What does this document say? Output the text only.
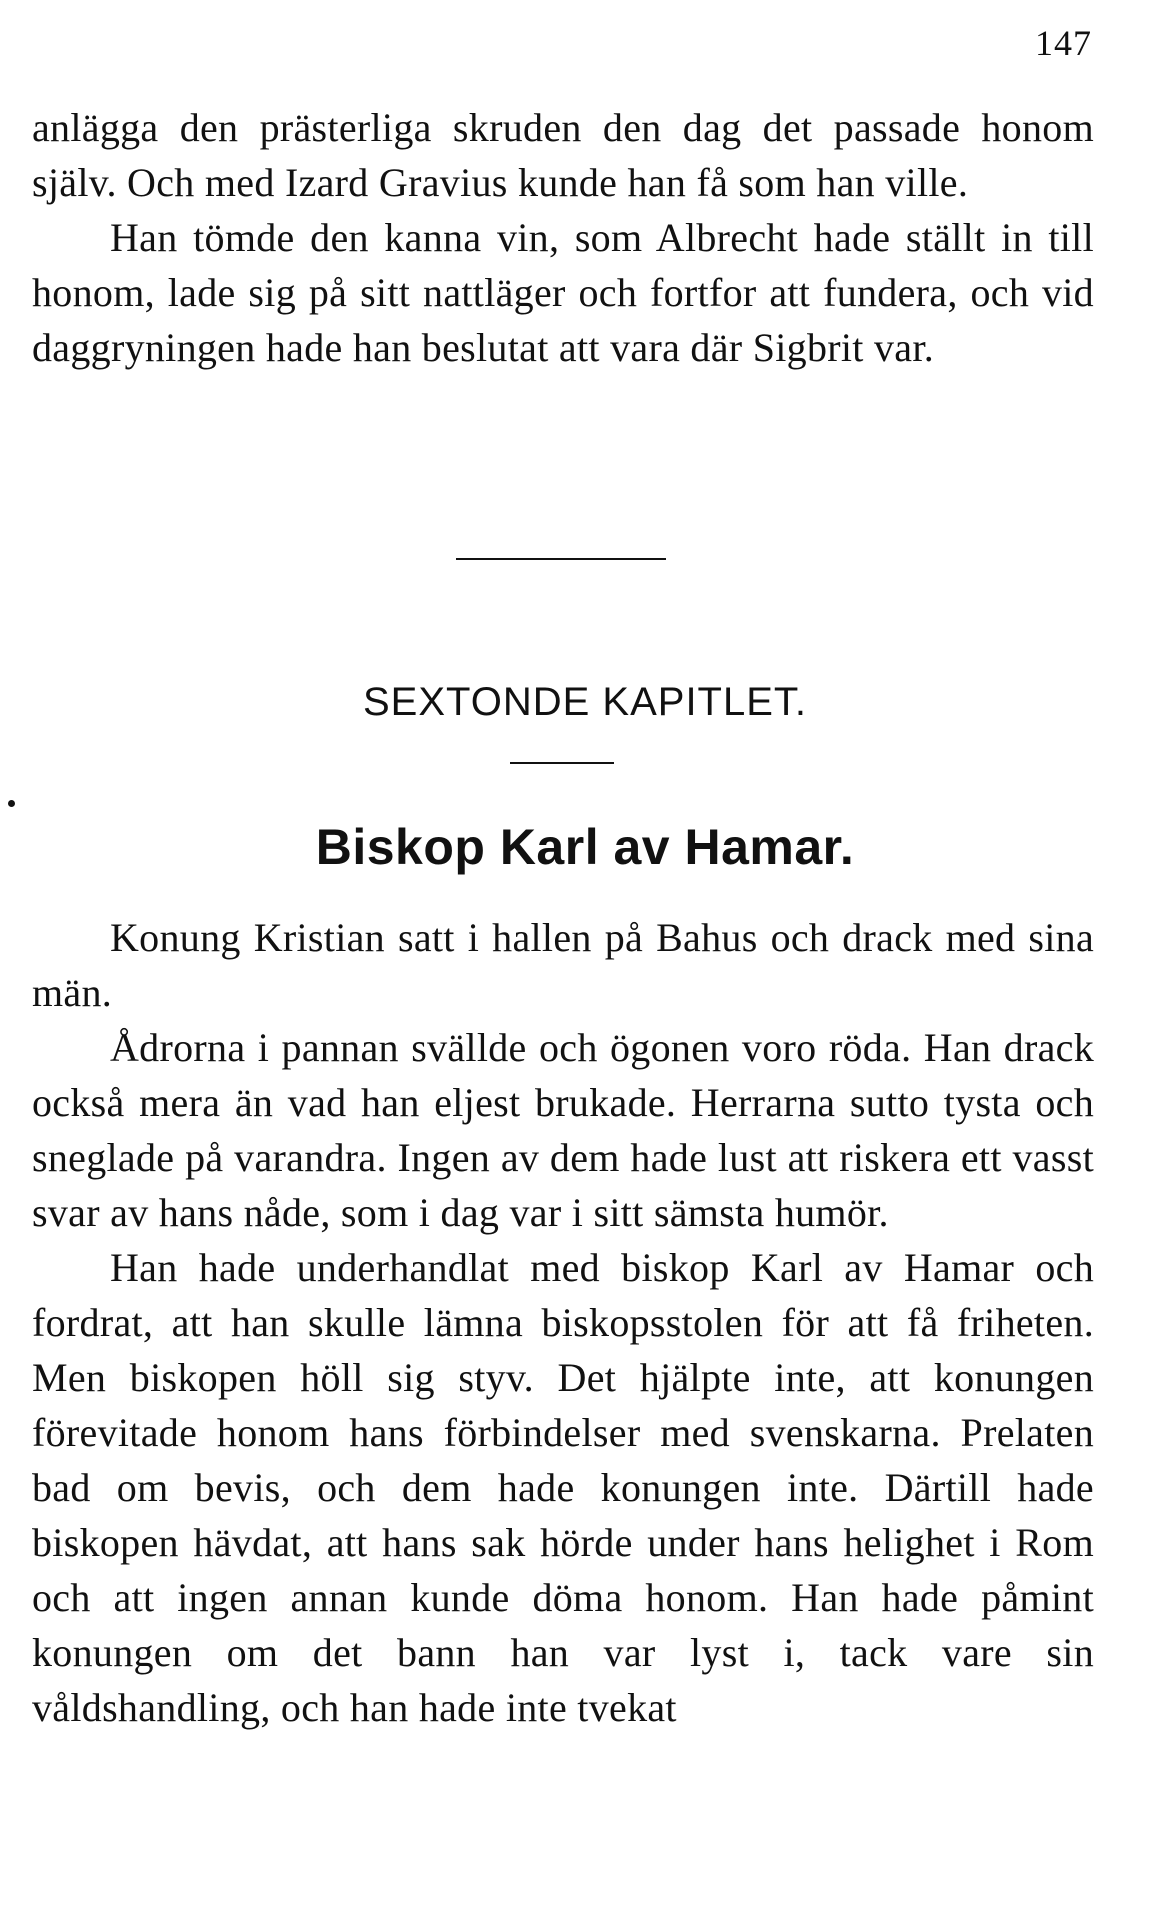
147

anlägga den prästerliga skruden den dag det passade honom själv. Och med Izard Gravius kunde han få som han ville.

Han tömde den kanna vin, som Albrecht hade ställt in till honom, lade sig på sitt nattläger och fortfor att fundera, och vid daggryningen hade han beslutat att vara där Sigbrit var.

SEXTONDE KAPITLET.
Biskop Karl av Hamar.

Konung Kristian satt i hallen på Bahus och drack med sina män.

Ådrorna i pannan svällde och ögonen voro röda. Han drack också mera än vad han eljest brukade. Herrarna sutto tysta och sneglade på varandra. Ingen av dem hade lust att riskera ett vasst svar av hans nåde, som i dag var i sitt sämsta humör.

Han hade underhandlat med biskop Karl av Hamar och fordrat, att han skulle lämna biskopsstolen för att få friheten. Men biskopen höll sig styv. Det hjälpte inte, att konungen förevitade honom hans förbindelser med svenskarna. Prelaten bad om bevis, och dem hade konungen inte. Därtill hade biskopen hävdat, att hans sak hörde under hans helighet i Rom och att ingen annan kunde döma honom. Han hade påmint konungen om det bann han var lyst i, tack vare sin våldshandling, och han hade inte tvekat
